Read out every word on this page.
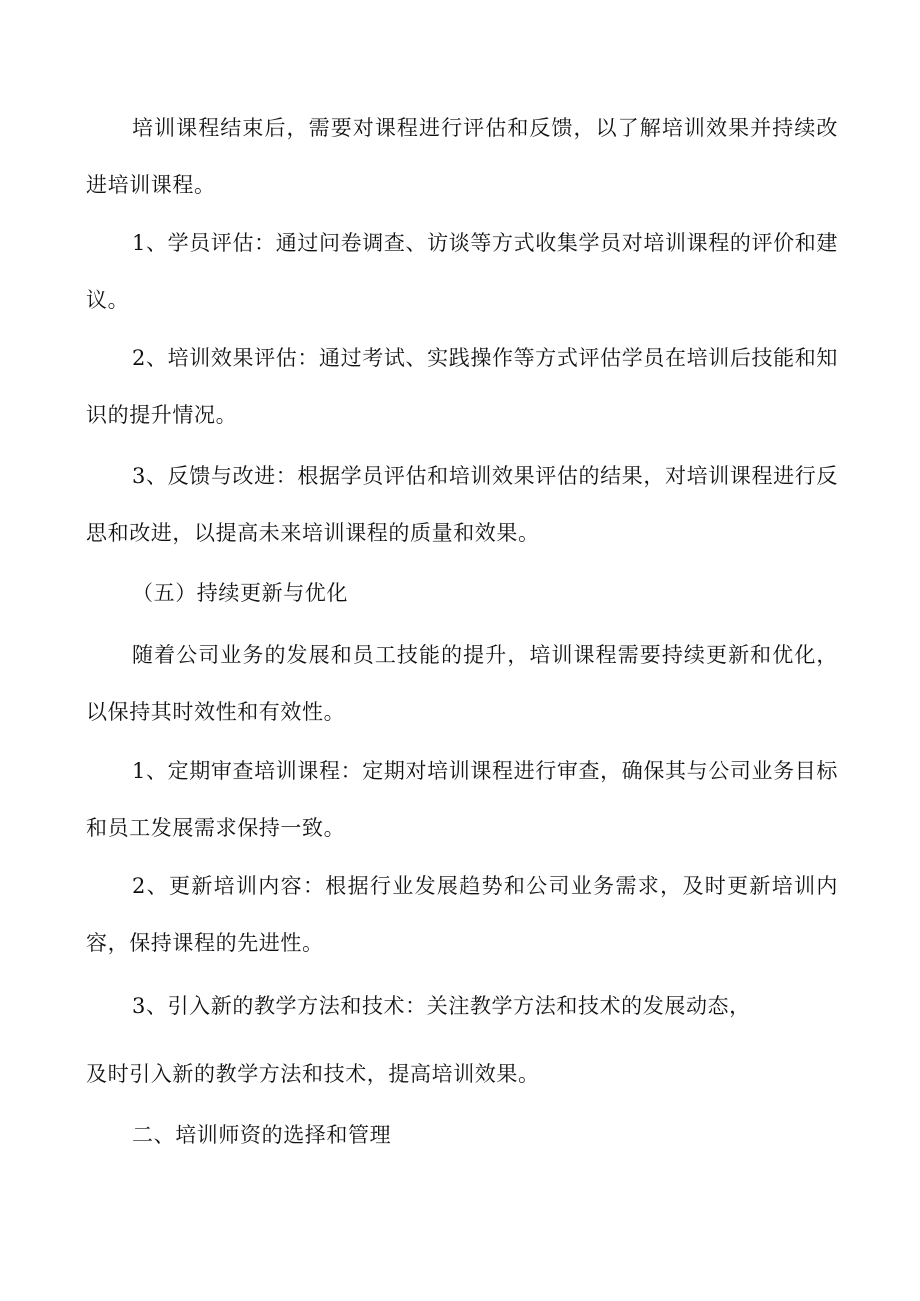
培训课程结束后，需要对课程进行评估和反馈，以了解培训效果并持续改进培训课程。

1、学员评估：通过问卷调查、访谈等方式收集学员对培训课程的评价和建议。

2、培训效果评估：通过考试、实践操作等方式评估学员在培训后技能和知识的提升情况。

3、反馈与改进：根据学员评估和培训效果评估的结果，对培训课程进行反思和改进，以提高未来培训课程的质量和效果。

（五）持续更新与优化

随着公司业务的发展和员工技能的提升，培训课程需要持续更新和优化，以保持其时效性和有效性。

1、定期审查培训课程：定期对培训课程进行审查，确保其与公司业务目标和员工发展需求保持一致。

2、更新培训内容：根据行业发展趋势和公司业务需求，及时更新培训内容，保持课程的先进性。

3、引入新的教学方法和技术：关注教学方法和技术的发展动态，

及时引入新的教学方法和技术，提高培训效果。

二、培训师资的选择和管理
